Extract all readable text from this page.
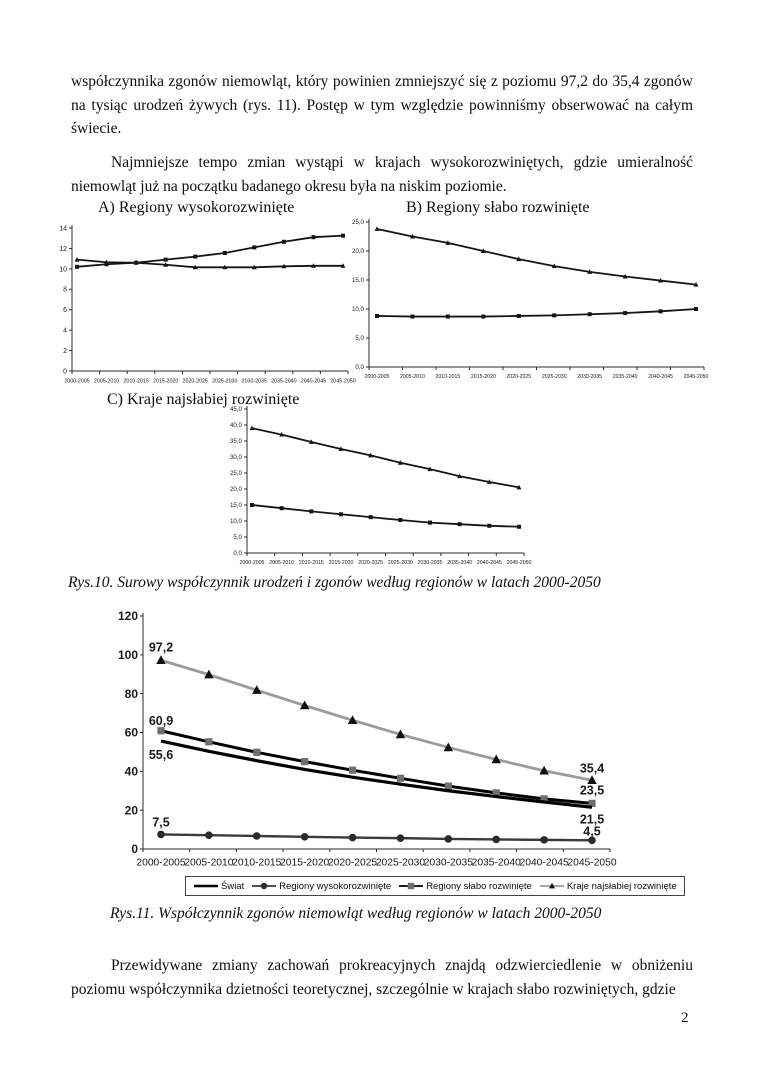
współczynnika zgonów niemowląt, który powinien zmniejszyć się z poziomu 97,2 do 35,4 zgonów
na tysiąc urodzeń żywych (rys. 11). Postęp w tym względzie powinniśmy obserwować na całym
świecie.
Najmniejsze tempo zmian wystąpi w krajach wysokorozwiniętych, gdzie umieralność
niemowląt już na początku badanego okresu była na niskim poziomie.
A) Regiony wysokorozwinięte
0
2
4
6
8
10
12
14
2000-2005 2005-2010 2010-2015 2015-2020 2020-2025 2025-2030 2030-2035 2035-2040 2040-2045 2045-2050
B) Regiony słabo rozwinięte
0,0
5,0
10,0
15,0
20,0
25,0
2000-2005 2005-2010 2010-2015 2015-2020 2020-2025 2025-2030 2030-2035 2035-2040 2040-2045 2045-2050
C) Kraje najsłabiej rozwinięte
0,0
5,0
10,0
15,0
20,0
25,0
30,0
35,0
40,0
45,0
2000-2005 2005-2010 2010-2015 2015-2020 2020-2025 2025-2030 2030-2035 2035-2040 2040-2045 2045-2050
Rys.10. Surowy współczynnik urodzeń i zgonów według regionów w latach 2000-2050
0
20
40
60
80
100
120
2000-2005
2005-2010
2010-2015
2015-2020
2020-2025
2025-2030
2030-2035
2035-2040
2040-2045
2045-2050
97,2
60,9
55,6
7,5
35,4
23,5
21,5
4,5
Świat	Regiony wysokorozwinięte	Regiony słabo rozwinięte	Kraje najsłabiej rozwinięte
Rys.11. Współczynnik zgonów niemowląt według regionów w latach 2000-2050
Przewidywane zmiany zachowań prokreacyjnych znajdą odzwierciedlenie w obniżeniu
poziomu współczynnika dzietności teoretycznej, szczególnie w krajach słabo rozwiniętych, gdzie
2
